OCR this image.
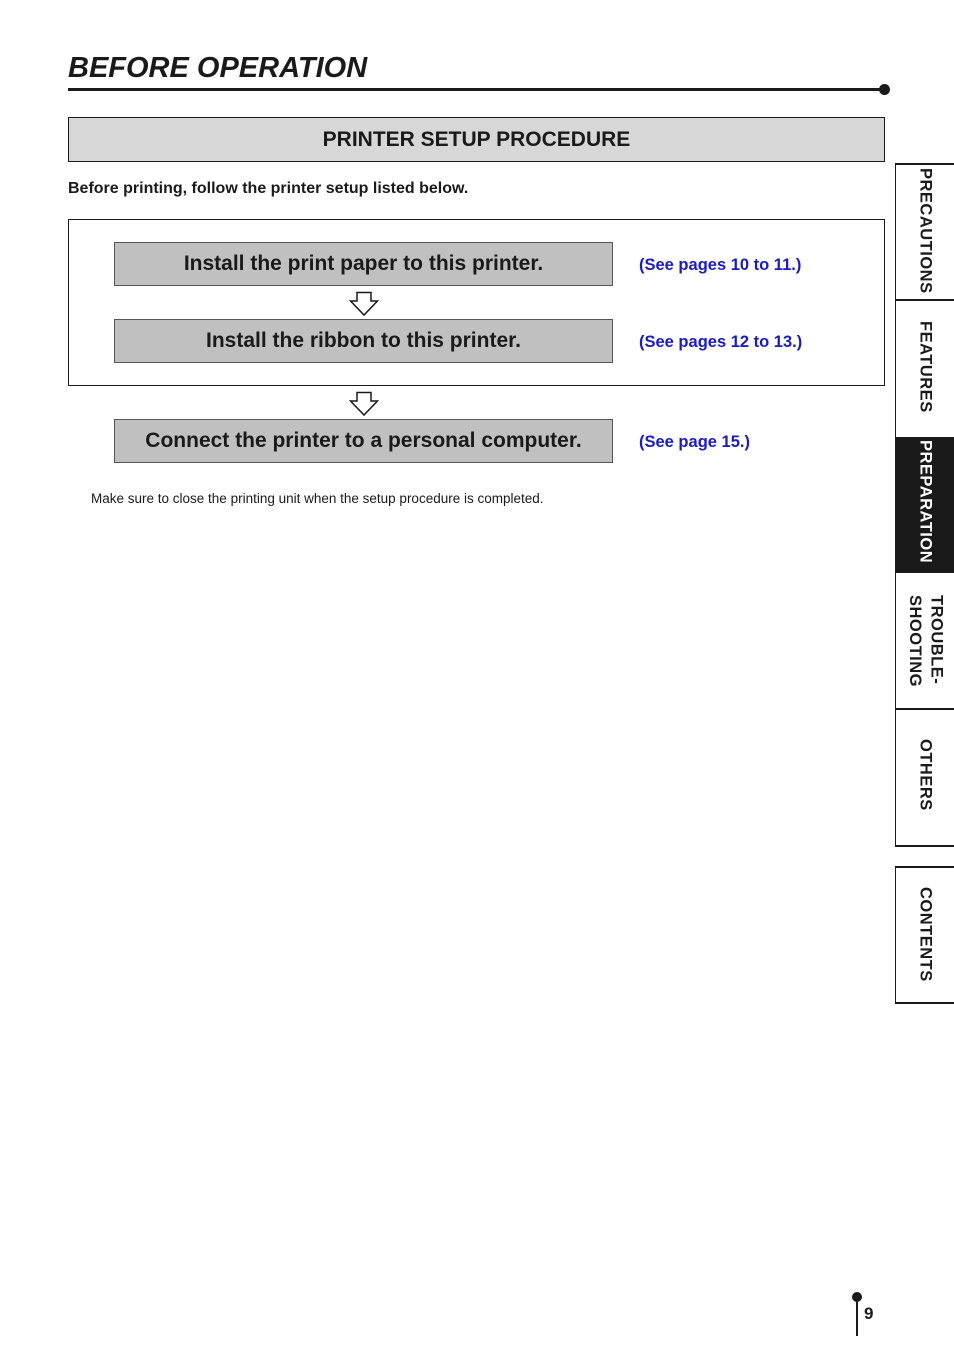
BEFORE OPERATION
PRINTER SETUP PROCEDURE
Before printing, follow the printer setup listed below.
Install the print paper to this printer.	(See pages 10 to 11.)
Install the ribbon to this printer.	(See pages 12 to 13.)
Connect the printer to a personal computer.	(See page 15.)
Make sure to close the printing unit when the setup procedure is completed.
PRECAUTIONS
FEATURES
PREPARATION
TROUBLE-
SHOOTING
OTHERS
CONTENTS
9
